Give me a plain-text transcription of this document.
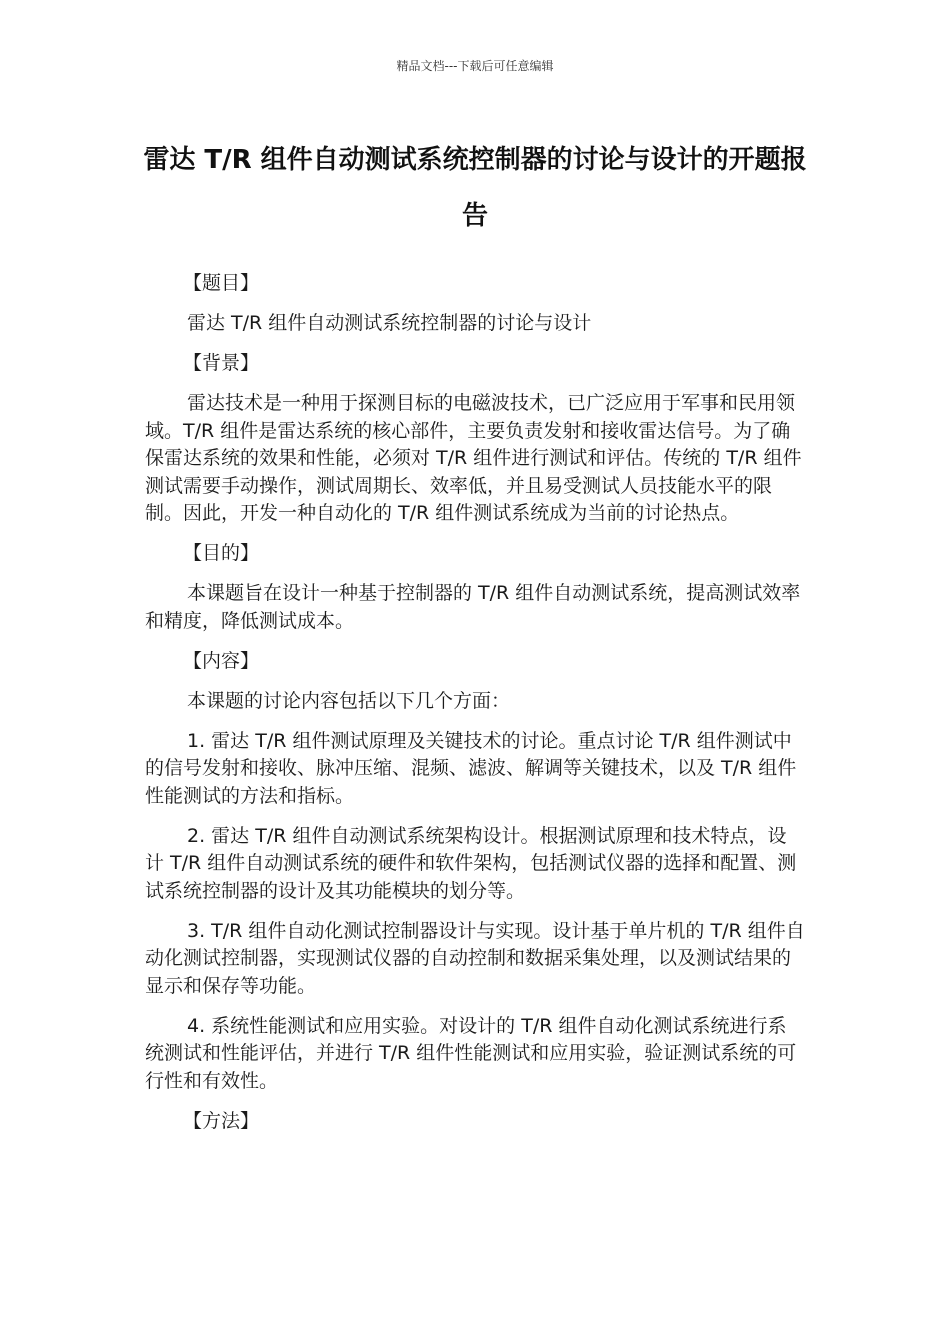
精品文档---下载后可任意编辑
雷达 T/R 组件自动测试系统控制器的讨论与设计的开题报告

【题目】

雷达 T/R 组件自动测试系统控制器的讨论与设计

【背景】

雷达技术是一种用于探测目标的电磁波技术，已广泛应用于军事和民用领域。T/R 组件是雷达系统的核心部件，主要负责发射和接收雷达信号。为了确保雷达系统的效果和性能，必须对 T/R 组件进行测试和评估。传统的 T/R 组件测试需要手动操作，测试周期长、效率低，并且易受测试人员技能水平的限制。因此，开发一种自动化的 T/R 组件测试系统成为当前的讨论热点。

【目的】

本课题旨在设计一种基于控制器的 T/R 组件自动测试系统，提高测试效率和精度，降低测试成本。

【内容】

本课题的讨论内容包括以下几个方面：

1. 雷达 T/R 组件测试原理及关键技术的讨论。重点讨论 T/R 组件测试中的信号发射和接收、脉冲压缩、混频、滤波、解调等关键技术，以及 T/R 组件性能测试的方法和指标。

2. 雷达 T/R 组件自动测试系统架构设计。根据测试原理和技术特点，设计 T/R 组件自动测试系统的硬件和软件架构，包括测试仪器的选择和配置、测试系统控制器的设计及其功能模块的划分等。

3. T/R 组件自动化测试控制器设计与实现。设计基于单片机的 T/R 组件自动化测试控制器，实现测试仪器的自动控制和数据采集处理，以及测试结果的显示和保存等功能。

4. 系统性能测试和应用实验。对设计的 T/R 组件自动化测试系统进行系统测试和性能评估，并进行 T/R 组件性能测试和应用实验，验证测试系统的可行性和有效性。

【方法】
